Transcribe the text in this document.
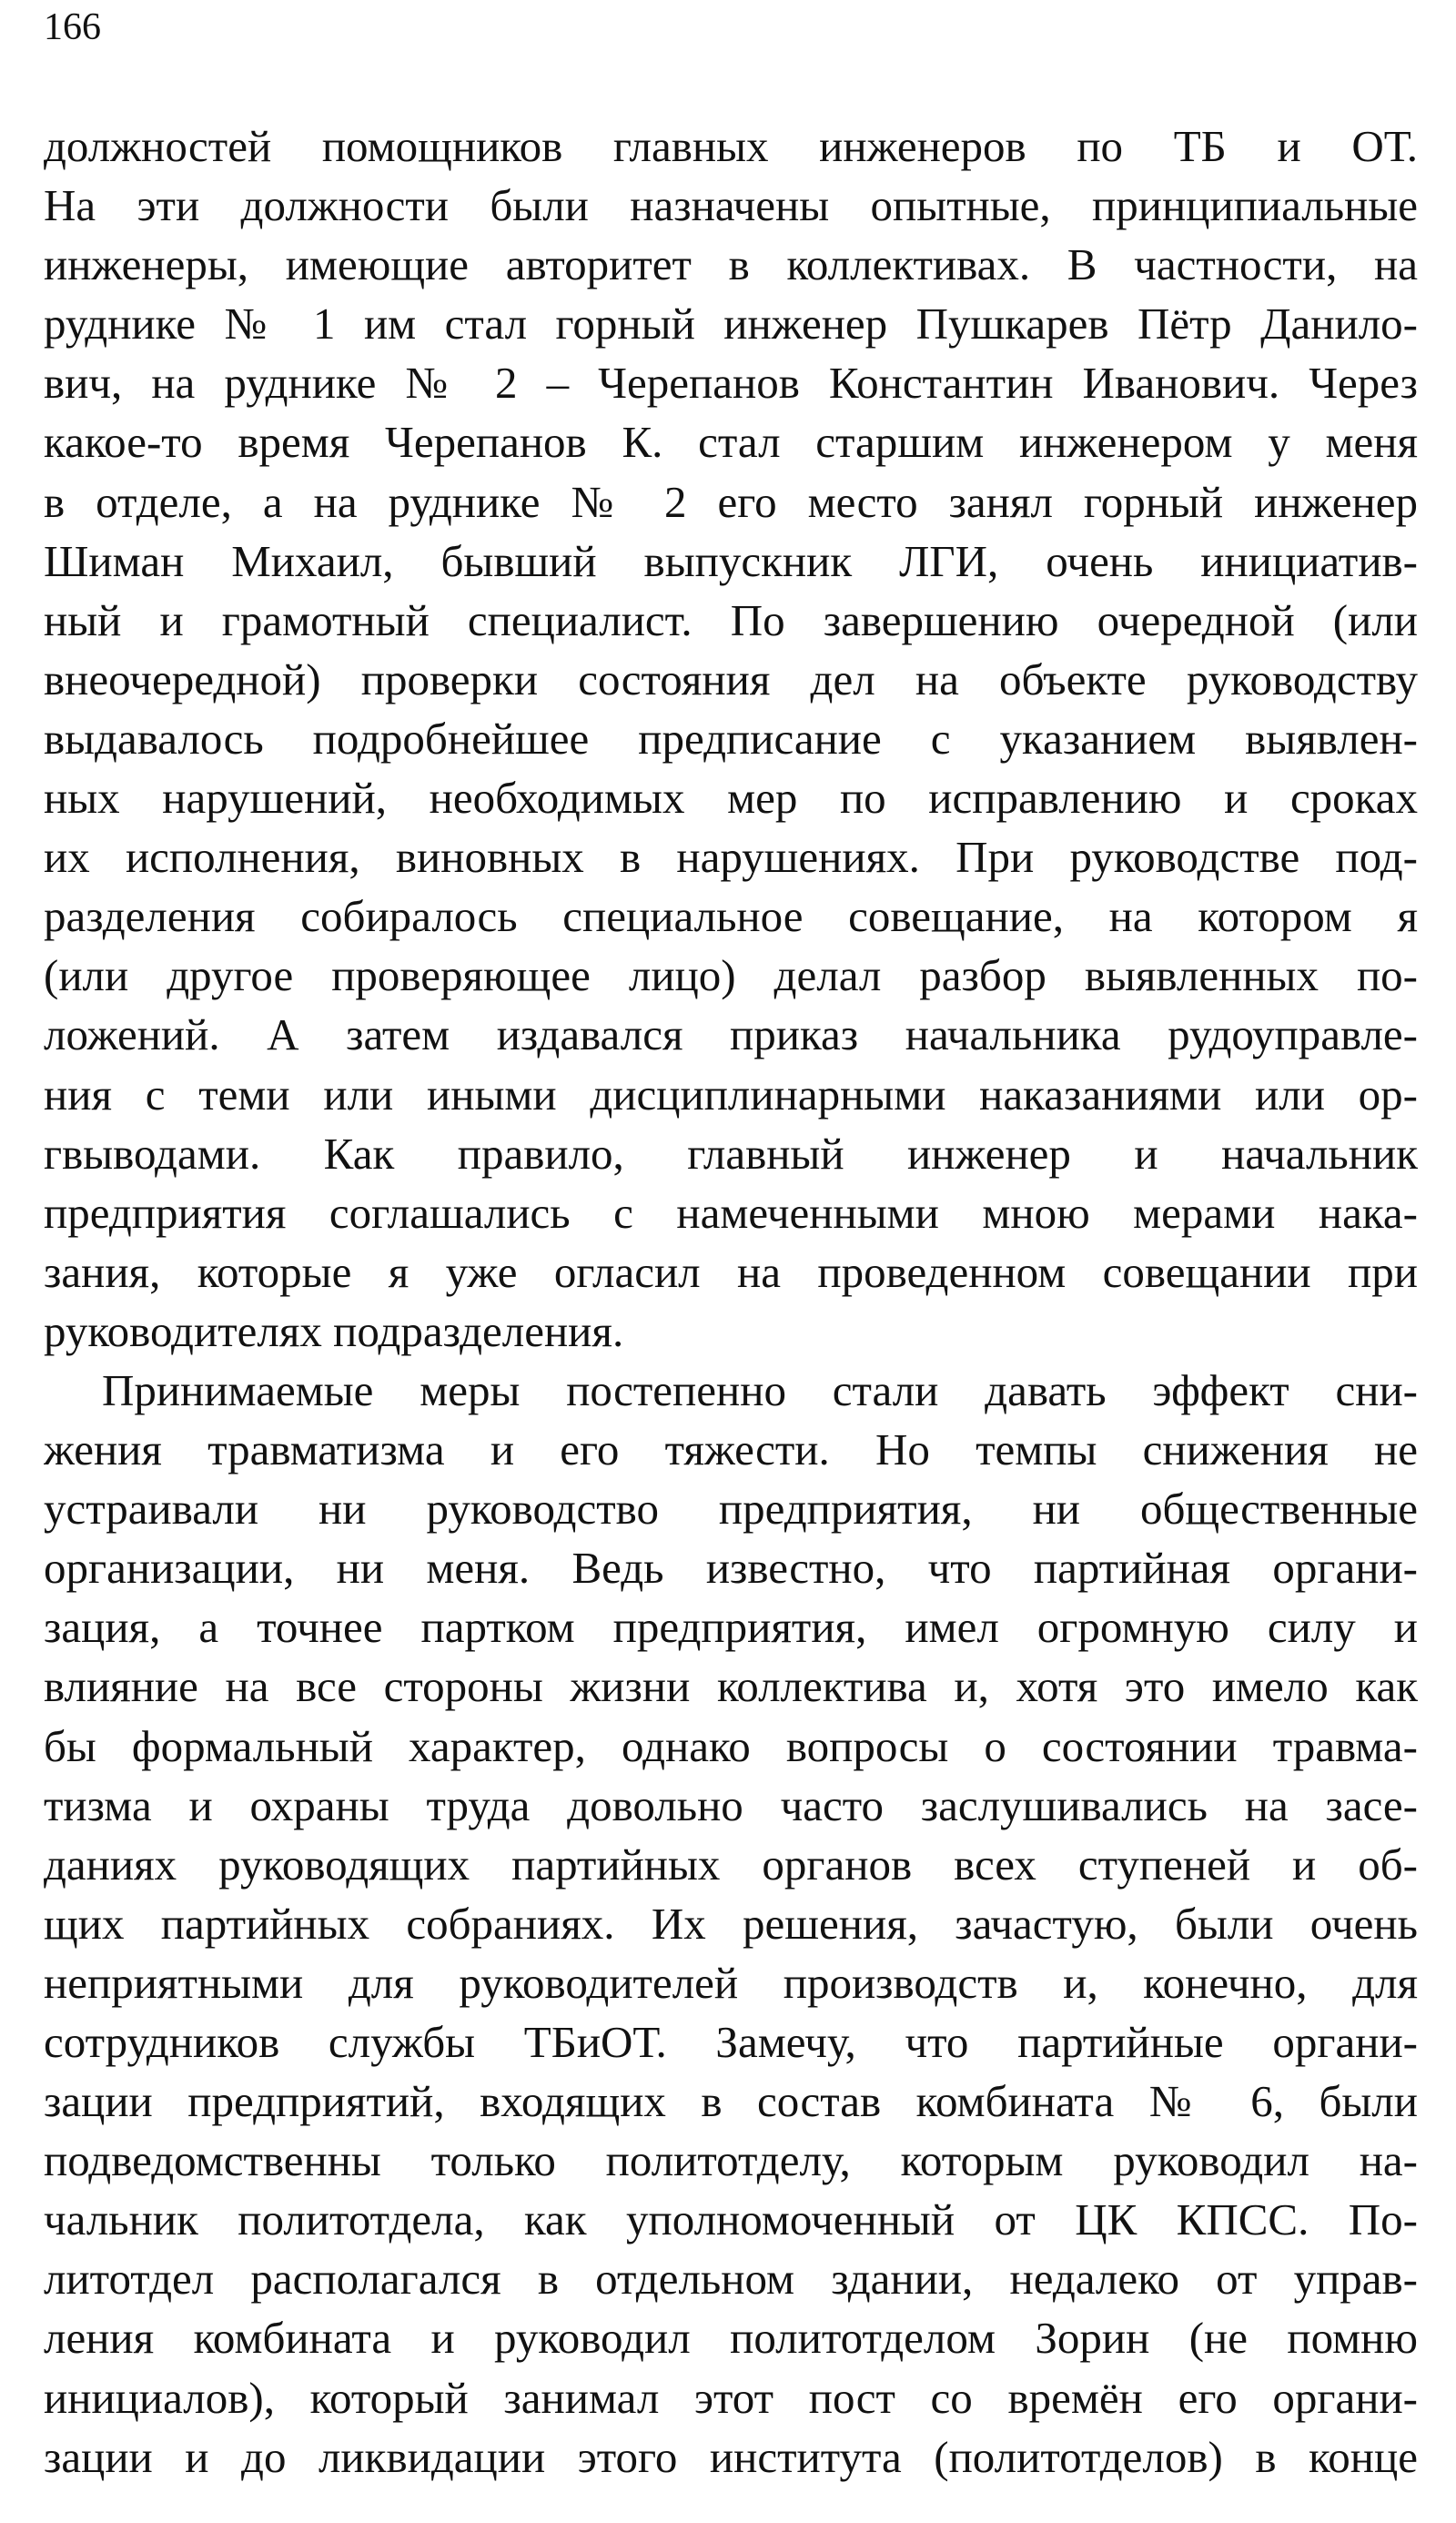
166
должностей помощников главных инженеров по ТБ и ОТ.
На эти должности были назначены опытные, принципиальные
инженеры, имеющие авторитет в коллективах. В частности, на
руднике № 1 им стал горный инженер Пушкарев Пётр Данило-
вич, на руднике № 2 – Черепанов Константин Иванович. Через
какое-то время Черепанов К. стал старшим инженером у меня
в отделе, а на руднике № 2 его место занял горный инженер
Шиман Михаил, бывший выпускник ЛГИ, очень инициатив-
ный и грамотный специалист. По завершению очередной (или
внеочередной) проверки состояния дел на объекте руководству
выдавалось подробнейшее предписание с указанием выявлен-
ных нарушений, необходимых мер по исправлению и сроках
их исполнения, виновных в нарушениях. При руководстве под-
разделения собиралось специальное совещание, на котором я
(или другое проверяющее лицо) делал разбор выявленных по-
ложений. А затем издавался приказ начальника рудоуправле-
ния с теми или иными дисциплинарными наказаниями или ор-
гвыводами. Как правило, главный инженер и начальник
предприятия соглашались с намеченными мною мерами нака-
зания, которые я уже огласил на проведенном совещании при
руководителях подразделения.
Принимаемые меры постепенно стали давать эффект сни-
жения травматизма и его тяжести. Но темпы снижения не
устраивали ни руководство предприятия, ни общественные
организации, ни меня. Ведь известно, что партийная органи-
зация, а точнее партком предприятия, имел огромную силу и
влияние на все стороны жизни коллектива и, хотя это имело как
бы формальный характер, однако вопросы о состоянии травма-
тизма и охраны труда довольно часто заслушивались на засе-
даниях руководящих партийных органов всех ступеней и об-
щих партийных собраниях. Их решения, зачастую, были очень
неприятными для руководителей производств и, конечно, для
сотрудников службы ТБиОТ. Замечу, что партийные органи-
зации предприятий, входящих в состав комбината № 6, были
подведомственны только политотделу, которым руководил на-
чальник политотдела, как уполномоченный от ЦК КПСС. По-
литотдел располагался в отдельном здании, недалеко от управ-
ления комбината и руководил политотделом Зорин (не помню
инициалов), который занимал этот пост со времён его органи-
зации и до ликвидации этого института (политотделов) в конце
